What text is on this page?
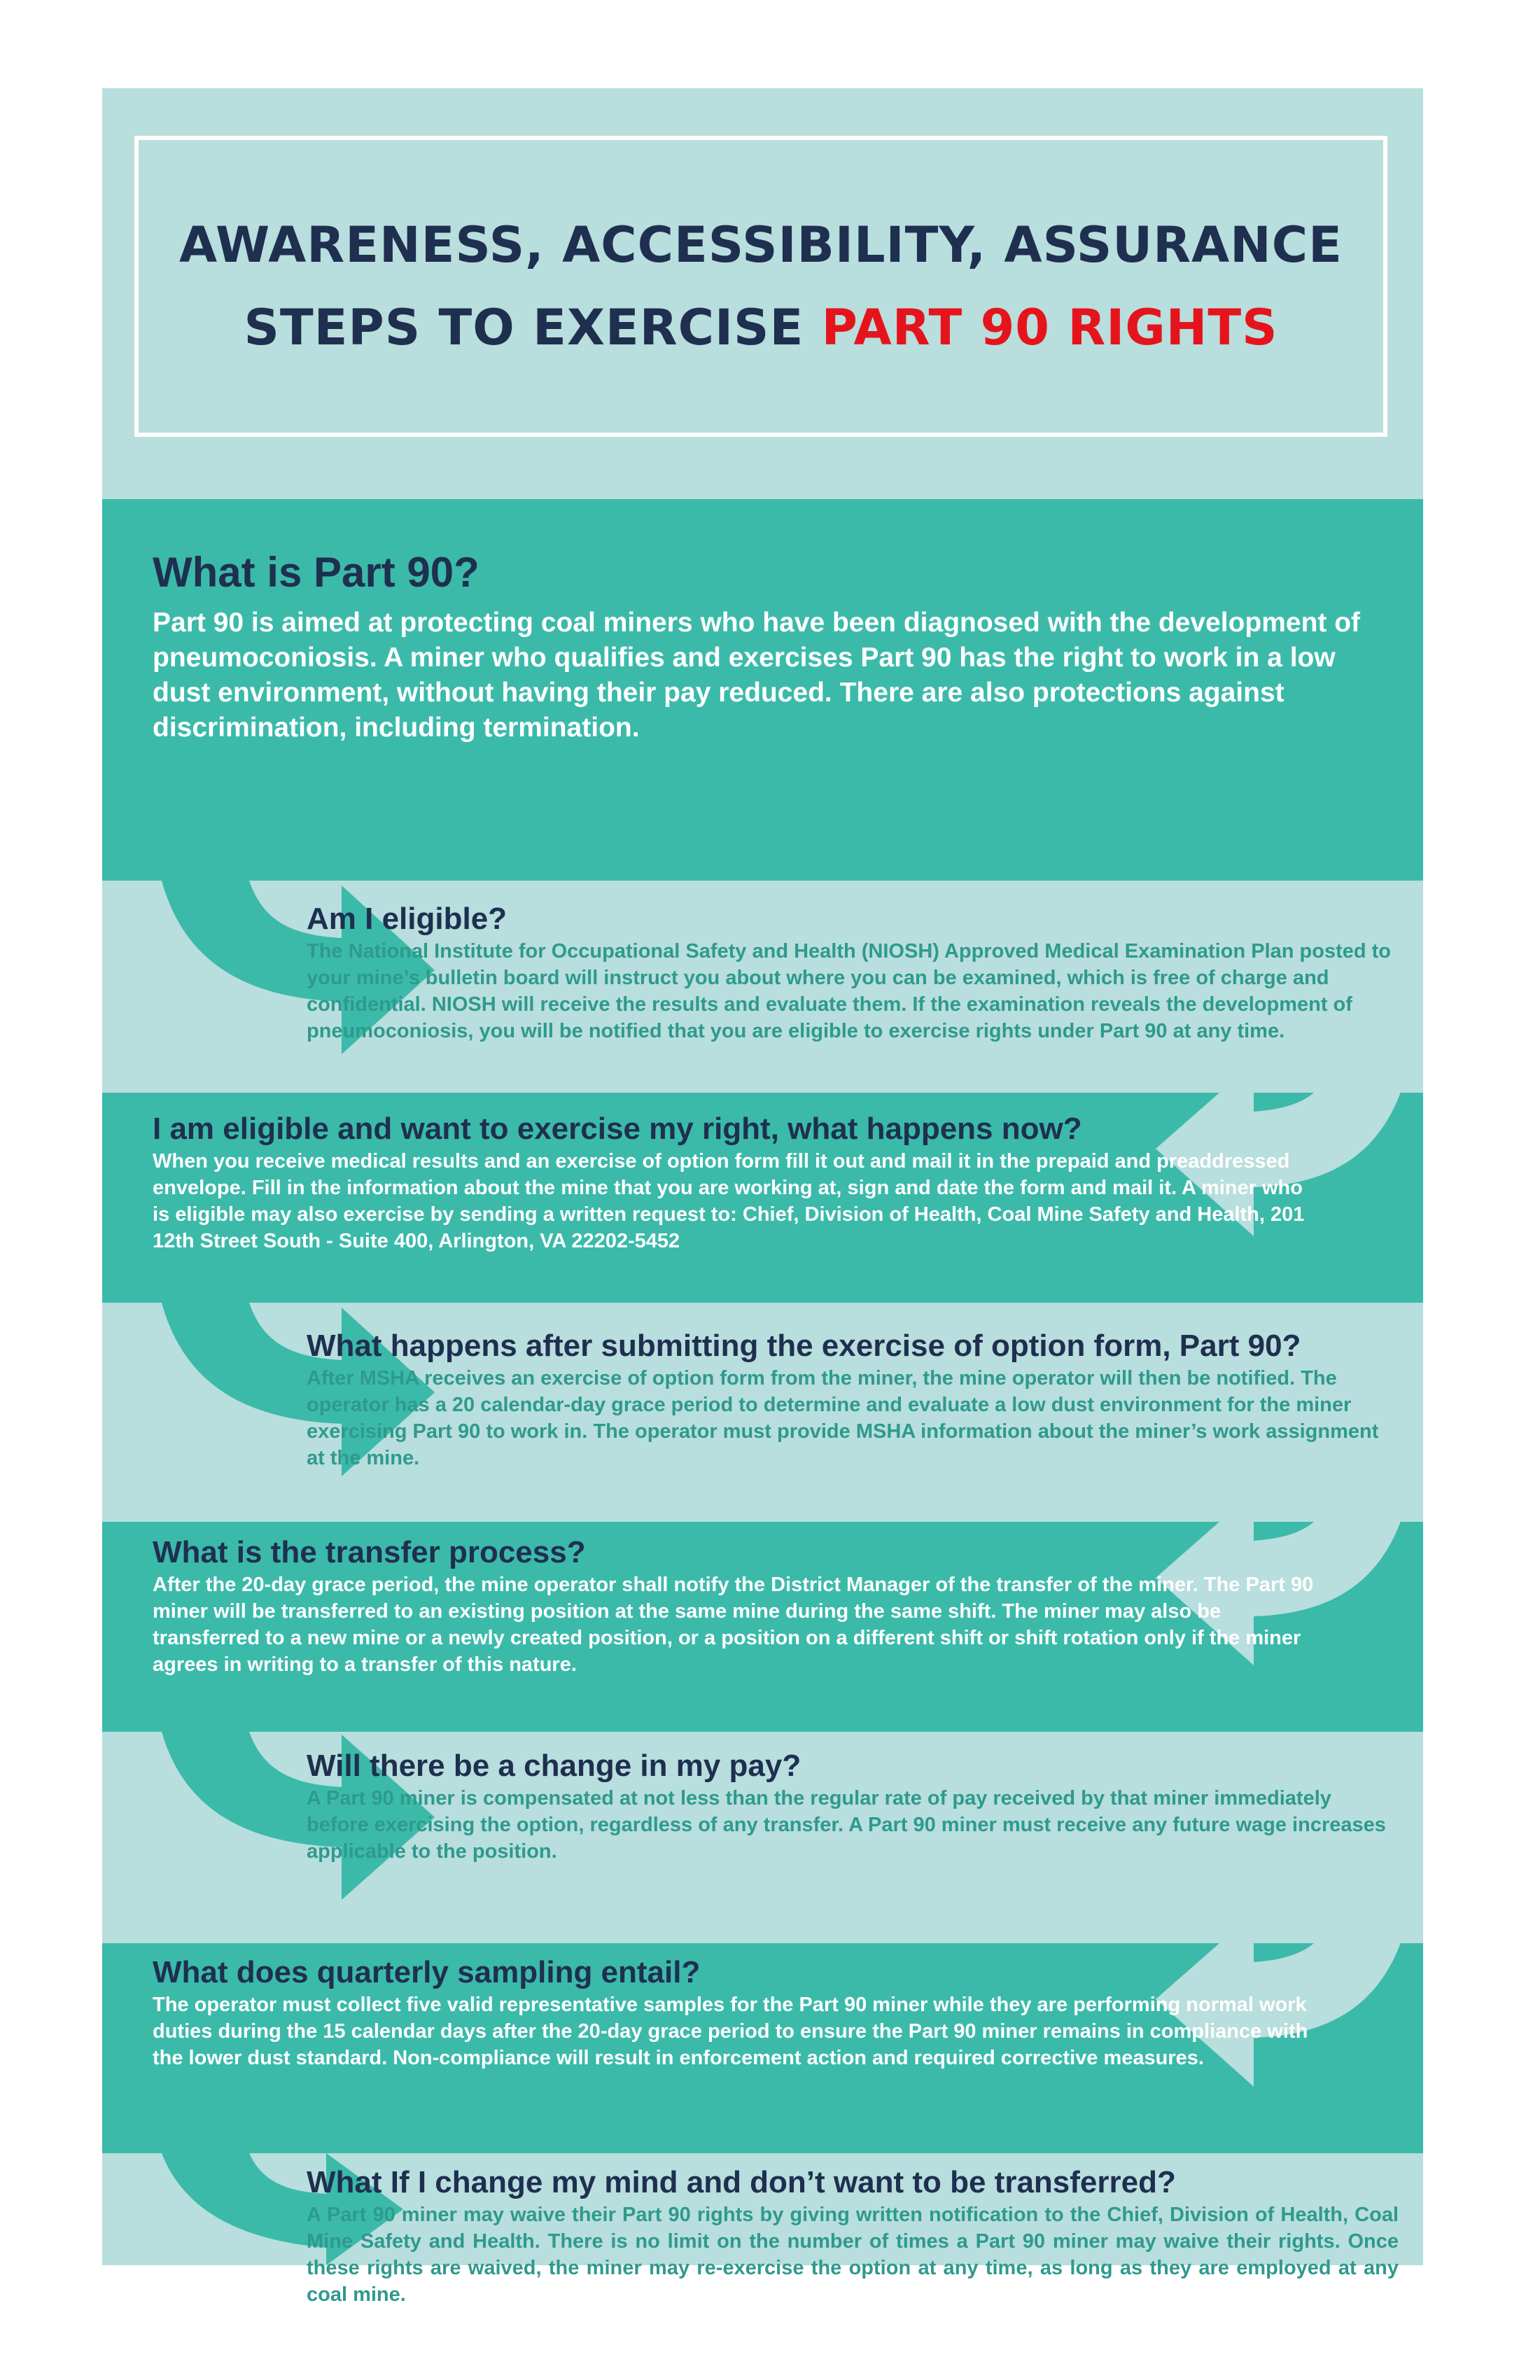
AWARENESS, ACCESSIBILITY, ASSURANCE
STEPS TO EXERCISE PART 90 RIGHTS
What is Part 90?

Part 90 is aimed at protecting coal miners who have been diagnosed with the development of pneumoconiosis. A miner who qualifies and exercises Part 90 has the right to work in a low dust environment, without having their pay reduced. There are also protections against discrimination, including termination.

Am I eligible?

The National Institute for Occupational Safety and Health (NIOSH) Approved Medical Examination Plan posted to your mine’s bulletin board will instruct you about where you can be examined, which is free of charge and confidential. NIOSH will receive the results and evaluate them. If the examination reveals the development of pneumoconiosis, you will be notified that you are eligible to exercise rights under Part 90 at any time.

I am eligible and want to exercise my right, what happens now?

When you receive medical results and an exercise of option form fill it out and mail it in the prepaid and preaddressed envelope. Fill in the information about the mine that you are working at, sign and date the form and mail it. A miner who is eligible may also exercise by sending a written request to: Chief, Division of Health, Coal Mine Safety and Health, 201 12th Street South - Suite 400, Arlington, VA 22202-5452

What happens after submitting the exercise of option form, Part 90?

After MSHA receives an exercise of option form from the miner, the mine operator will then be notified. The operator has a 20 calendar-day grace period to determine and evaluate a low dust environment for the miner exercising Part 90 to work in. The operator must provide MSHA information about the miner’s work assignment at the mine.

What is the transfer process?

After the 20-day grace period, the mine operator shall notify the District Manager of the transfer of the miner. The Part 90 miner will be transferred to an existing position at the same mine during the same shift. The miner may also be transferred to a new mine or a newly created position, or a position on a different shift or shift rotation only if the miner agrees in writing to a transfer of this nature.

Will there be a change in my pay?

A Part 90 miner is compensated at not less than the regular rate of pay received by that miner immediately before exercising the option, regardless of any transfer. A Part 90 miner must receive any future wage increases applicable to the position.

What does quarterly sampling entail?

The operator must collect five valid representative samples for the Part 90 miner while they are performing normal work duties during the 15 calendar days after the 20-day grace period to ensure the Part 90 miner remains in compliance with the lower dust standard. Non-compliance will result in enforcement action and required corrective measures.

What If I change my mind and don’t want to be transferred?

A Part 90 miner may waive their Part 90 rights by giving written notification to the Chief, Division of Health, Coal Mine Safety and Health. There is no limit on the number of times a Part 90 miner may waive their rights. Once these rights are waived, the miner may re-exercise the option at any time, as long as they are employed at any coal mine.
